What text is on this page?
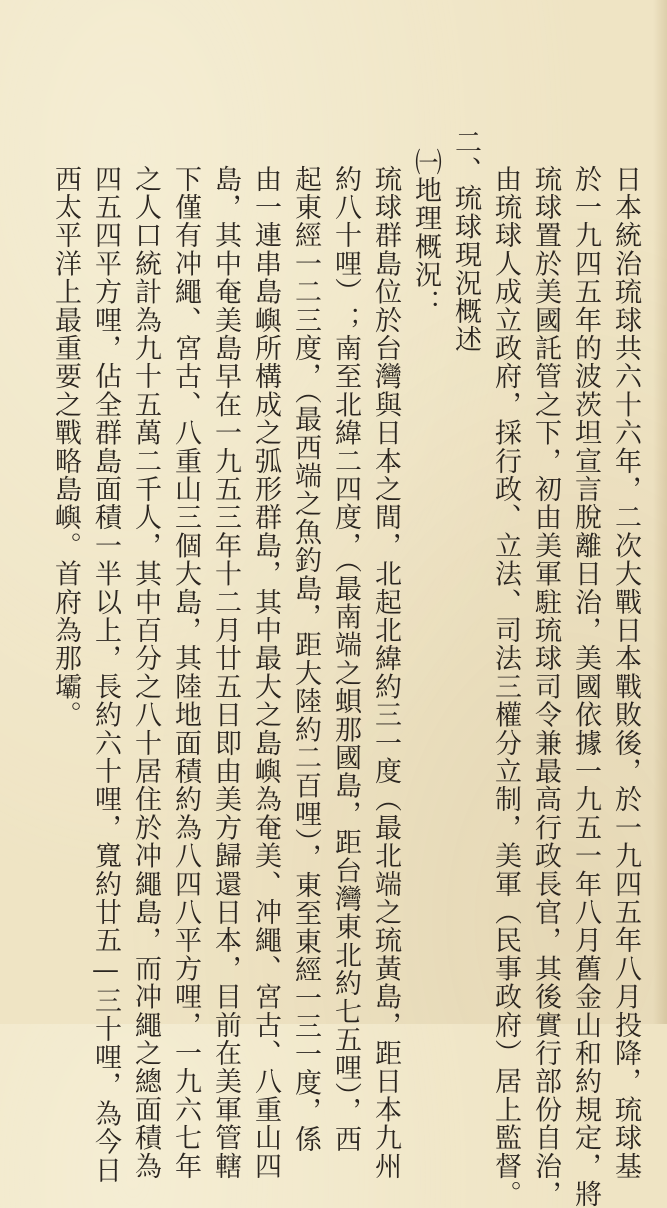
日本統治琉球共六十六年，二次大戰日本戰敗後，於一九四五年八月投降，琉球基
於一九四五年的波茨坦宣言脫離日治，美國依據一九五一年八月舊金山和約規定，將
琉球置於美國託管之下，初由美軍駐琉球司令兼最高行政長官，其後實行部份自治，
由琉球人成立政府，採行政、立法、司法三權分立制，美軍（民事政府）居上監督。
二、琉球現況概述
㈠地理概況：
琉球群島位於台灣與日本之間，北起北緯約三一度（最北端之琉黃島，距日本九州
約八十哩）；南至北緯二四度，（最南端之蛽那國島，距台灣東北約七五哩），西
起東經一二三度，（最西端之魚釣島，距大陸約二百哩），東至東經一三一度，係
由一連串島嶼所構成之弧形群島，其中最大之島嶼為奄美、冲繩、宮古、八重山四
島，其中奄美島早在一九五三年十二月廿五日即由美方歸還日本，目前在美軍管轄
下僅有冲繩、宮古、八重山三個大島，其陸地面積約為八四八平方哩，一九六七年
之人口統計為九十五萬二千人，其中百分之八十居住於冲繩島，而冲繩之總面積為
四五四平方哩，佔全群島面積一半以上，長約六十哩，寬約廿五—三十哩，為今日
西太平洋上最重要之戰略島嶼。首府為那壩。
